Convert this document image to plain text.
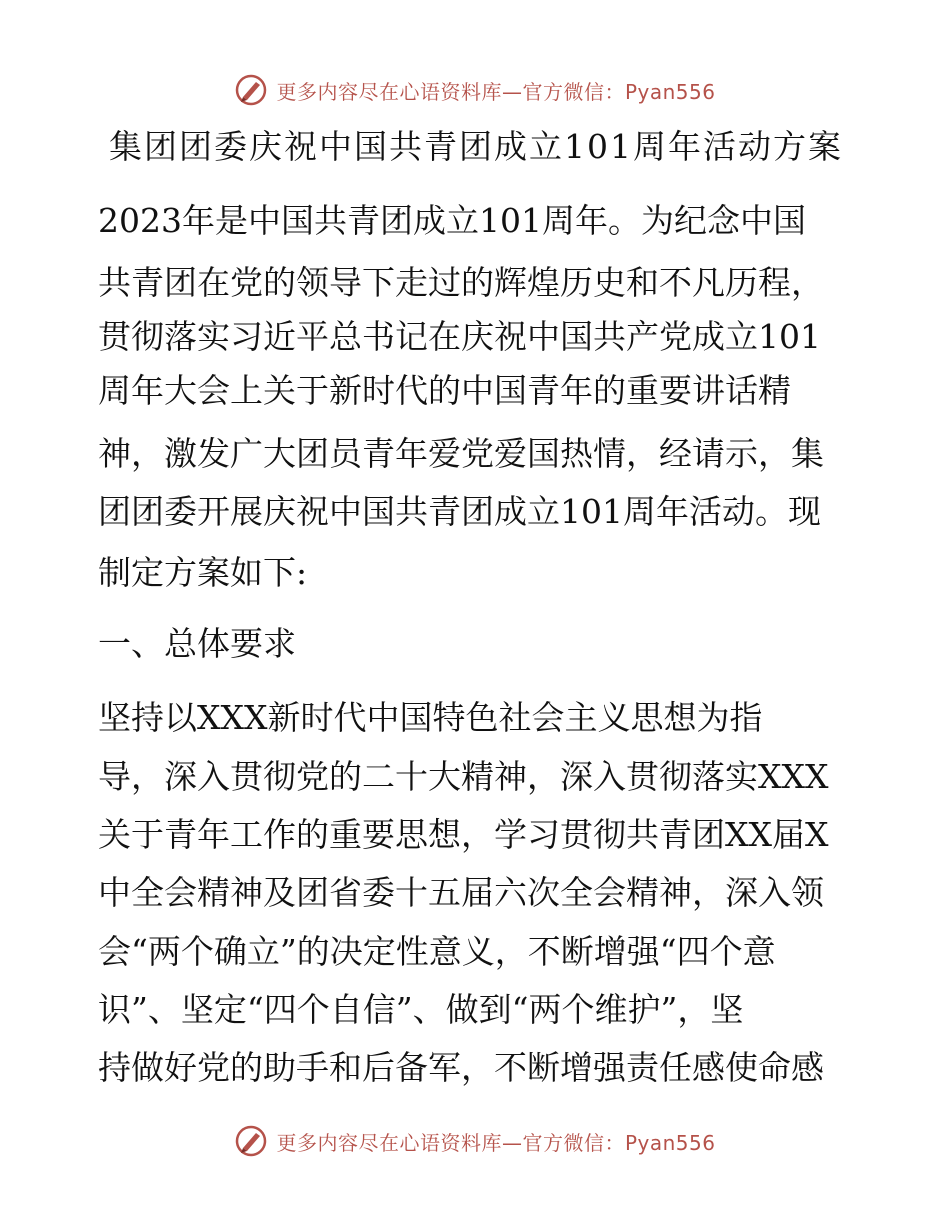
更多内容尽在心语资料库—官方微信：Pyan556
集团团委庆祝中国共青团成立101周年活动方案
2023年是中国共青团成立101周年。为纪念中国
共青团在党的领导下走过的辉煌历史和不凡历程，
贯彻落实习近平总书记在庆祝中国共产党成立101
周年大会上关于新时代的中国青年的重要讲话精
神，激发广大团员青年爱党爱国热情，经请示，集
团团委开展庆祝中国共青团成立101周年活动。现
制定方案如下:
一、总体要求
坚持以XXX新时代中国特色社会主义思想为指
导，深入贯彻党的二十大精神，深入贯彻落实XXX
关于青年工作的重要思想，学习贯彻共青团XX届X
中全会精神及团省委十五届六次全会精神，深入领
会“两个确立”的决定性意义，不断增强“四个意
识”、坚定“四个自信”、做到“两个维护”，坚
持做好党的助手和后备军，不断增强责任感使命感
更多内容尽在心语资料库—官方微信：Pyan556
